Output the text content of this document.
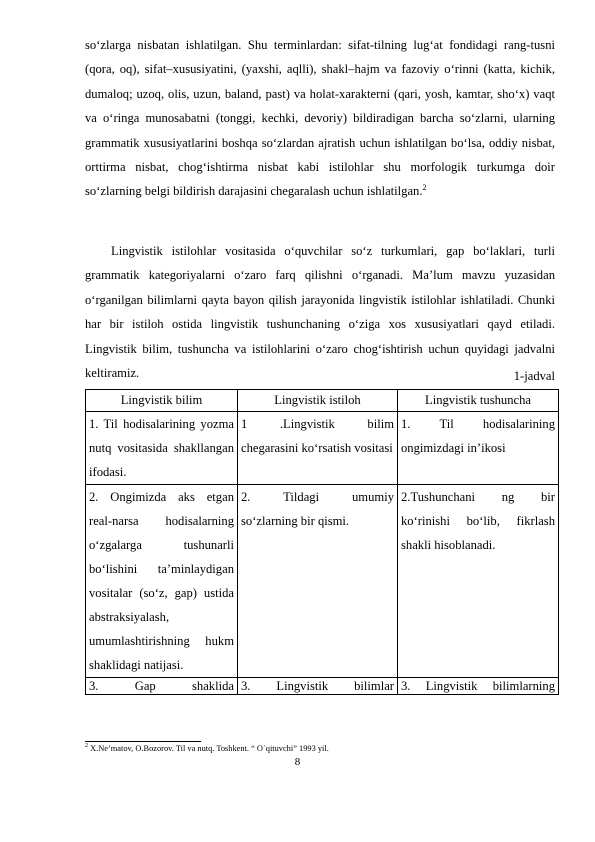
so‘zlarga nisbatan ishlatilgan. Shu terminlardan: sifat-tilning lug‘at fondidagi rang-tusni (qora, oq), sifat–xususiyatini, (yaxshi, aqlli), shakl–hajm va fazoviy o‘rinni (katta, kichik, dumaloq; uzoq, olis, uzun, baland, past) va holat-xarakterni (qari, yosh, kamtar, sho‘x) vaqt va o‘ringa munosabatni (tonggi, kechki, devoriy) bildiradigan barcha so‘zlarni, ularning grammatik xususiyatlarini boshqa so‘zlardan ajratish uchun ishlatilgan bo‘lsa, oddiy nisbat, orttirma nisbat, chog‘ishtirma nisbat kabi istilohlar shu morfologik turkumga doir so‘zlarning belgi bildirish darajasini chegaralash uchun ishlatilgan.$^2$
Lingvistik istilohlar vositasida o‘quvchilar so‘z turkumlari, gap bo‘laklari, turli grammatik kategoriyalarni o‘zaro farq qilishni o‘rganadi. Ma’lum mavzu yuzasidan o‘rganilgan bilimlarni qayta bayon qilish jarayonida lingvistik istilohlar ishlatiladi. Chunki har bir istiloh ostida lingvistik tushunchaning o‘ziga xos xususiyatlari qayd etiladi. Lingvistik bilim, tushuncha va istilohlarini o‘zaro chog‘ishtirish uchun quyidagi jadvalni keltiramiz.	1-jadval
Lingvistik bilim	Lingvistik istiloh	Lingvistik tushuncha
1. Til hodisalarining yozma nutq vositasida shakllangan ifodasi.	1 .Lingvistik bilim chegarasini ko‘rsatish vositasi	1. Til hodisalarining ongimizdagi in’ikosi
2. Ongimizda aks etgan real-narsa hodisalarning o‘zgalarga tushunarli bo‘lishini ta’minlaydigan vositalar (so‘z, gap) ustida abstraksiyalash, umumlashtirishning hukm shaklidagi natijasi.	2. Tildagi umumiy so‘zlarning bir qismi.	2.Tushunchani ng bir ko‘rinishi bo‘lib, fikrlash shakli hisoblanadi.
3. Gap shaklida	3. Lingvistik bilimlar	3. Lingvistik bilimlarning
$^2$ X.Ne’matov, O.Bozorov. Til va nutq. Toshkent. “ O`qituvchi” 1993 yil.
8
